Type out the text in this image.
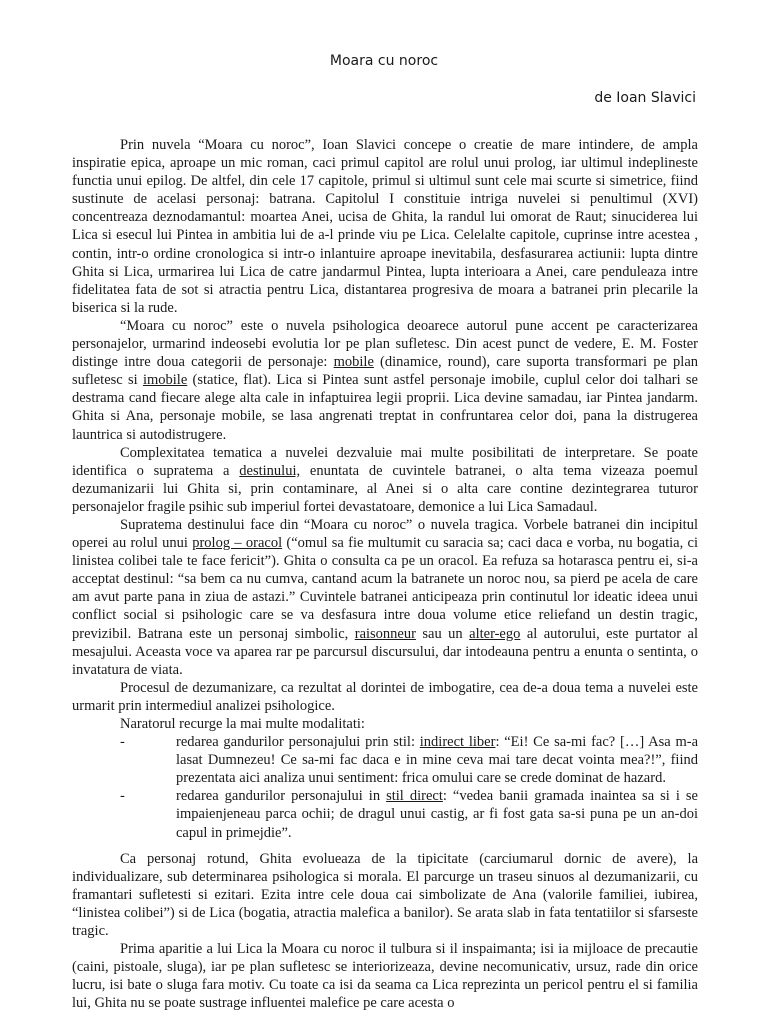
Moara cu noroc
de Ioan Slavici

Prin nuvela “Moara cu noroc”, Ioan Slavici concepe o creatie de mare intindere, de ampla inspiratie epica, aproape un mic roman, caci primul capitol are rolul unui prolog, iar ultimul indeplineste functia unui epilog. De altfel, din cele 17 capitole, primul si ultimul sunt cele mai scurte si simetrice, fiind sustinute de acelasi personaj: batrana. Capitolul I constituie intriga nuvelei si penultimul (XVI) concentreaza deznodamantul: moartea Anei, ucisa de Ghita, la randul lui omorat de Raut; sinuciderea lui Lica si esecul lui Pintea in ambitia lui de a-l prinde viu pe Lica. Celelalte capitole, cuprinse intre acestea , contin, intr-o ordine cronologica si intr-o inlantuire aproape inevitabila, desfasurarea actiunii: lupta dintre Ghita si Lica, urmarirea lui Lica de catre jandarmul Pintea, lupta interioara a Anei, care penduleaza intre fidelitatea fata de sot si atractia pentru Lica, distantarea progresiva de moara a batranei prin plecarile la biserica si la rude.

“Moara cu noroc” este o nuvela psihologica deoarece autorul pune accent pe caracterizarea personajelor, urmarind indeosebi evolutia lor pe plan sufletesc. Din acest punct de vedere, E. M. Foster distinge intre doua categorii de personaje: mobile (dinamice, round), care suporta transformari pe plan sufletesc si imobile (statice, flat). Lica si Pintea sunt astfel personaje imobile, cuplul celor doi talhari se destrama cand fiecare alege alta cale in infaptuirea legii proprii. Lica devine samadau, iar Pintea jandarm. Ghita si Ana, personaje mobile, se lasa angrenati treptat in confruntarea celor doi, pana la distrugerea launtrica si autodistrugere.

Complexitatea tematica a nuvelei dezvaluie mai multe posibilitati de interpretare. Se poate identifica o supratema a destinului, enuntata de cuvintele batranei, o alta tema vizeaza poemul dezumanizarii lui Ghita si, prin contaminare, al Anei si o alta care contine dezintegrarea tuturor personajelor fragile psihic sub imperiul fortei devastatoare, demonice a lui Lica Samadaul.

Supratema destinului face din “Moara cu noroc” o nuvela tragica. Vorbele batranei din incipitul operei au rolul unui prolog – oracol (“omul sa fie multumit cu saracia sa; caci daca e vorba, nu bogatia, ci linistea colibei tale te face fericit”). Ghita o consulta ca pe un oracol. Ea refuza sa hotarasca pentru ei, si-a acceptat destinul: “sa bem ca nu cumva, cantand acum la batranete un noroc nou, sa pierd pe acela de care am avut parte pana in ziua de astazi.” Cuvintele batranei anticipeaza prin continutul lor ideatic ideea unui conflict social si psihologic care se va desfasura intre doua volume etice reliefand un destin tragic, previzibil. Batrana este un personaj simbolic, raisonneur sau un alter-ego al autorului, este purtator al mesajului. Aceasta voce va aparea rar pe parcursul discursului, dar intodeauna pentru a enunta o sentinta, o invatatura de viata.

Procesul de dezumanizare, ca rezultat al dorintei de imbogatire, cea de-a doua tema a nuvelei este urmarit prin intermediul analizei psihologice.

Naratorul recurge la mai multe modalitati:

-	redarea gandurilor personajului prin stil: indirect liber: “Ei! Ce sa-mi fac? […] Asa m-a lasat Dumnezeu! Ce sa-mi fac daca e in mine ceva mai tare decat vointa mea?!”, fiind prezentata aici analiza unui sentiment: frica omului care se crede dominat de hazard.
-	redarea gandurilor personajului in stil direct: “vedea banii gramada inaintea sa si i se impaienjeneau parca ochii; de dragul unui castig, ar fi fost gata sa-si puna pe un an-doi capul in primejdie”.

Ca personaj rotund, Ghita evolueaza de la tipicitate (carciumarul dornic de avere), la individualizare, sub determinarea psihologica si morala. El parcurge un traseu sinuos al dezumanizarii, cu framantari sufletesti si ezitari. Ezita intre cele doua cai simbolizate de Ana (valorile familiei, iubirea, “linistea colibei”) si de Lica (bogatia, atractia malefica a banilor). Se arata slab in fata tentatiilor si sfarseste tragic.

Prima aparitie a lui Lica la Moara cu noroc il tulbura si il inspaimanta; isi ia mijloace de precautie (caini, pistoale, sluga), iar pe plan sufletesc se interiorizeaza, devine necomunicativ, ursuz, rade din orice lucru, isi bate o sluga fara motiv. Cu toate ca isi da seama ca Lica reprezinta un pericol pentru el si familia lui, Ghita nu se poate sustrage influentei malefice pe care acesta o
